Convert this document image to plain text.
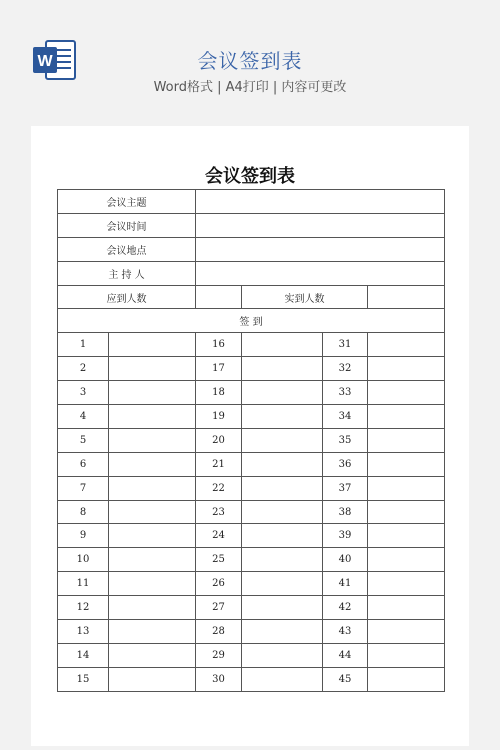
W	会议签到表
Word格式 | A4打印 | 内容可更改
会议签到表
会议主题					
会议时间					
会议地点					
主 持 人					
应到人数			实到人数		
签 到					
1		16		31	
2		17		32	
3		18		33	
4		19		34	
5		20		35	
6		21		36	
7		22		37	
8		23		38	
9		24		39	
10		25		40	
11		26		41	
12		27		42	
13		28		43	
14		29		44	
15		30		45	
